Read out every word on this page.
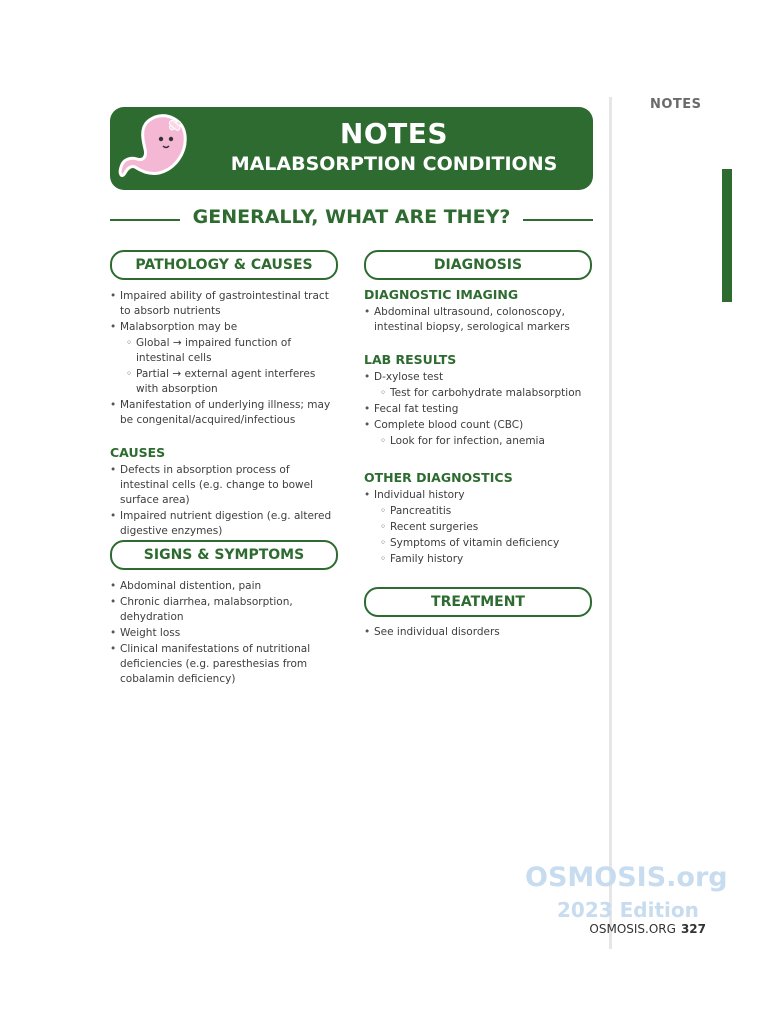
NOTES
NOTES
MALABSORPTION CONDITIONS
GENERALLY, WHAT ARE THEY?
PATHOLOGY & CAUSES
• Impaired ability of gastrointestinal tract to absorb nutrients
• Malabsorption may be
◦ Global → impaired function of intestinal cells
◦ Partial → external agent interferes with absorption
• Manifestation of underlying illness; may be congenital/acquired/infectious
CAUSES
• Defects in absorption process of intestinal cells (e.g. change to bowel surface area)
• Impaired nutrient digestion (e.g. altered digestive enzymes)
SIGNS & SYMPTOMS
• Abdominal distention, pain
• Chronic diarrhea, malabsorption, dehydration
• Weight loss
• Clinical manifestations of nutritional deficiencies (e.g. paresthesias from cobalamin deficiency)
DIAGNOSIS
DIAGNOSTIC IMAGING
• Abdominal ultrasound, colonoscopy, intestinal biopsy, serological markers
LAB RESULTS
• D-xylose test
◦ Test for carbohydrate malabsorption
• Fecal fat testing
• Complete blood count (CBC)
◦ Look for for infection, anemia
OTHER DIAGNOSTICS
• Individual history
◦ Pancreatitis
◦ Recent surgeries
◦ Symptoms of vitamin deficiency
◦ Family history
TREATMENT
• See individual disorders
OSMOSIS.org
2023 Edition
OSMOSIS.ORG 327
